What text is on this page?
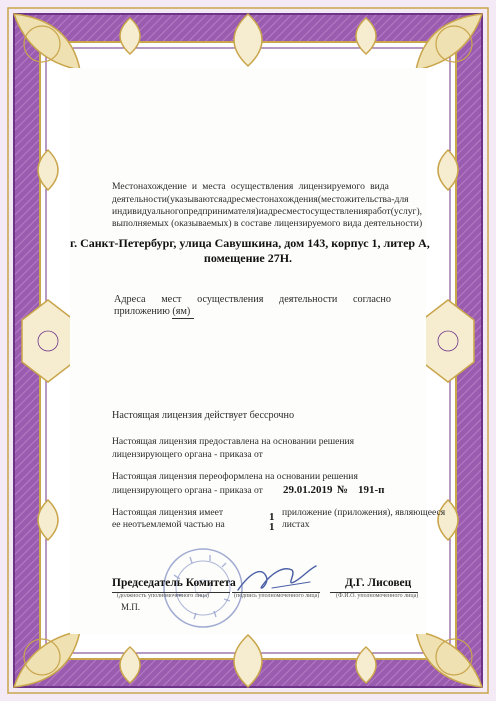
Местонахождение и места осуществления лицензируемого вида
деятельности (указываются адрес местонахождения (место жительства - для
индивидуального предпринимателя) и адрес мест осуществления работ (услуг),
выполняемых (оказываемых) в составе лицензируемого вида деятельности)
г. Санкт-Петербург, улица Савушкина, дом 143, корпус 1, литер А,
помещение 27Н.
Адреса мест осуществления деятельности согласно
приложению (ям)
Настоящая лицензия действует бессрочно
Настоящая лицензия предоставлена на основании решения
лицензирующего органа - приказа от
Настоящая лицензия переоформлена на основании решения
лицензирующего органа - приказа от 29.01.2019 № 191-п
Настоящая лицензия имеет	1 приложение (приложения), являющееся
ее неотъемлемой частью на	1 листах
Председатель Комитета
(должность уполномоченного лица)	(подпись уполномоченного лица)
Д.Г. Лисовец
(Ф.И.О. уполномоченного лица)
М.П.
